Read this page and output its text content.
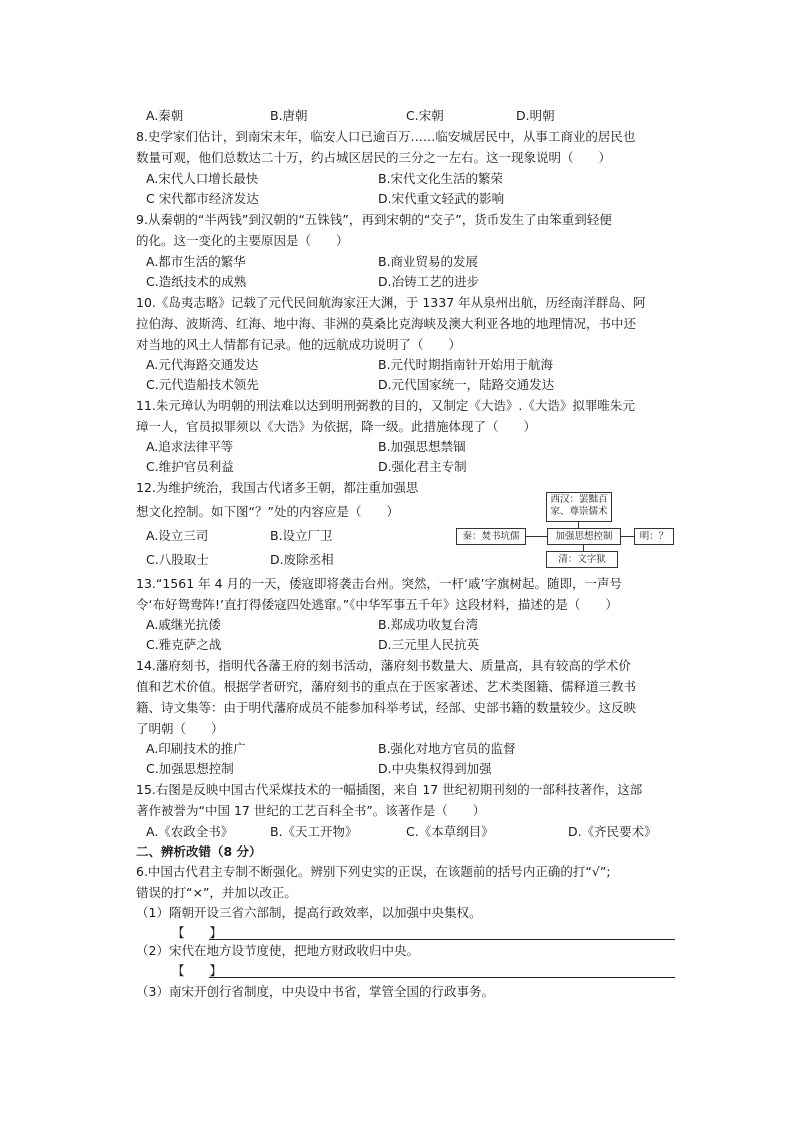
A.秦朝	B.唐朝	C.宋朝	D.明朝
8.史学家们估计，到南宋末年，临安人口已逾百万……临安城居民中，从事工商业的居民也
数量可观，他们总数达二十万，约占城区居民的三分之一左右。这一现象说明（　　）
A.宋代人口增长最快	B.宋代文化生活的繁荣
C 宋代都市经济发达	D.宋代重文轻武的影响
9.从秦朝的“半两钱”到汉朝的“五铢钱”，再到宋朝的“交子”，货币发生了由笨重到轻便
的化。这一变化的主要原因是（　　）
A.都市生活的繁华	B.商业贸易的发展
C.造纸技术的成熟	D.冶铸工艺的进步
10.《岛夷志略》记载了元代民间航海家汪大渊，于 1337 年从泉州出航，历经南洋群岛、阿
拉伯海、波斯湾、红海、地中海、非洲的莫桑比克海峡及澳大利亚各地的地理情况，书中还
对当地的风土人情都有记录。他的远航成功说明了（　　）
A.元代海路交通发达	B.元代时期指南针开始用于航海
C.元代造船技术领先	D.元代国家统一，陆路交通发达
11.朱元璋认为明朝的刑法难以达到明刑弼教的目的，又制定《大诰》.《大诰》拟罪唯朱元
璋一人，官员拟罪须以《大诰》为依据，降一级。此措施体现了（　　）
A.追求法律平等	B.加强思想禁锢
C.维护官员利益	D.强化君主专制
12.为维护统治，我国古代诸多王朝，都注重加强思
想文化控制。如下图“？”处的内容应是（　　）
A.设立三司	B.设立厂卫
C.八股取士	D.废除丞相
西汉：罢黜百
家、尊崇儒术
秦：焚书坑儒	加强思想控制	明：？
清：文字狱
13.“1561 年 4 月的一天，倭寇即将袭击台州。突然，一杆‘戚’字旗树起。随即，一声号
令‘布好鸳鸯阵!’直打得倭寇四处逃窜。”《中华军事五千年》这段材料，描述的是（　　）
A.戚继光抗倭	B.郑成功收复台湾
C.雅克萨之战	D.三元里人民抗英
14.藩府刻书，指明代各藩王府的刻书活动，藩府刻书数量大、质量高，具有较高的学术价
值和艺术价值。根据学者研究，藩府刻书的重点在于医家著述、艺术类图籍、儒释道三教书
籍、诗文集等：由于明代藩府成员不能参加科举考试，经部、史部书籍的数量较少。这反映
了明朝（　　）
A.印刷技术的推广	B.强化对地方官员的监督
C.加强思想控制	D.中央集权得到加强
15.右图是反映中国古代采煤技术的一幅插图，来自 17 世纪初期刊刻的一部科技著作，这部
著作被誉为“中国 17 世纪的工艺百科全书”。该著作是（　　）
A.《农政全书》	B.《天工开物》	C.《本草纲目》	D.《齐民要术》
二、辨析改错（8 分）
6.中国古代君主专制不断强化。辨别下列史实的正误，在该题前的括号内正确的打“√”;
错误的打“×”，并加以改正。
（1）隋朝开设三省六部制，提高行政效率，以加强中央集权。
【　　】
（2）宋代在地方设节度使，把地方财政收归中央。
【　　】
（3）南宋开创行省制度，中央设中书省，掌管全国的行政事务。
